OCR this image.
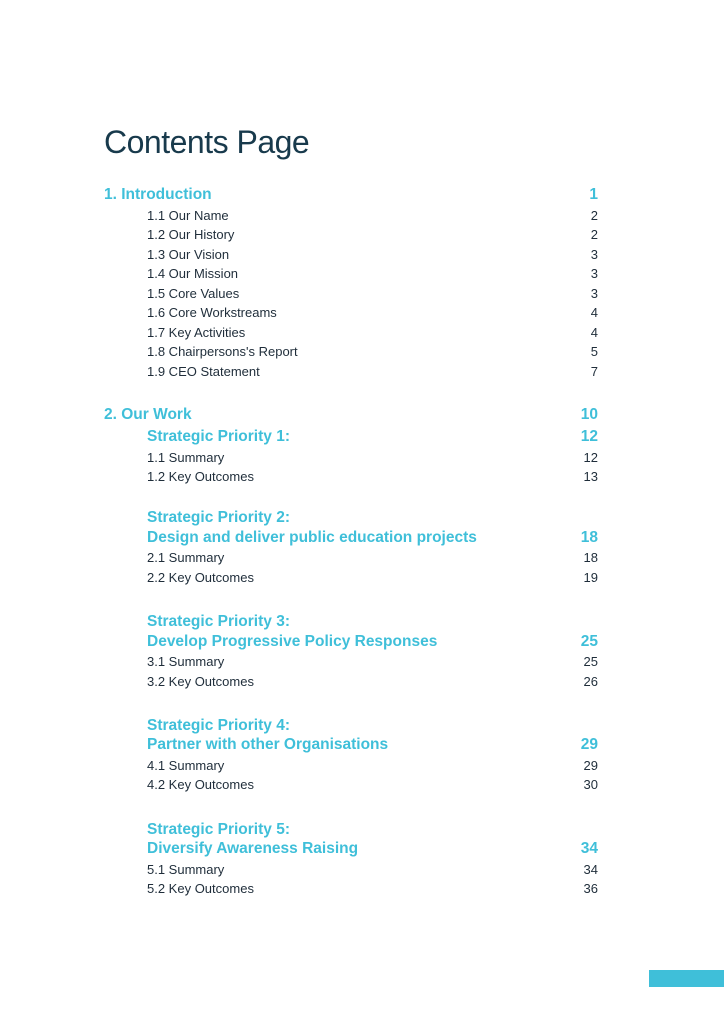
Contents Page
1. Introduction	1
1.1 Our Name	2
1.2 Our History	2
1.3 Our Vision	3
1.4 Our Mission	3
1.5 Core Values	3
1.6 Core Workstreams	4
1.7 Key Activities	4
1.8 Chairpersons's Report	5
1.9 CEO Statement	7
2. Our Work	10
Strategic Priority 1:	12
1.1 Summary	12
1.2 Key Outcomes	13
Strategic Priority 2:
Design and deliver public education projects	18
2.1 Summary	18
2.2 Key Outcomes	19
Strategic Priority 3:
Develop Progressive Policy Responses	25
3.1 Summary	25
3.2 Key Outcomes	26
Strategic Priority 4:
Partner with other Organisations	29
4.1 Summary	29
4.2 Key Outcomes	30
Strategic Priority 5:
Diversify Awareness Raising	34
5.1 Summary	34
5.2 Key Outcomes	36
